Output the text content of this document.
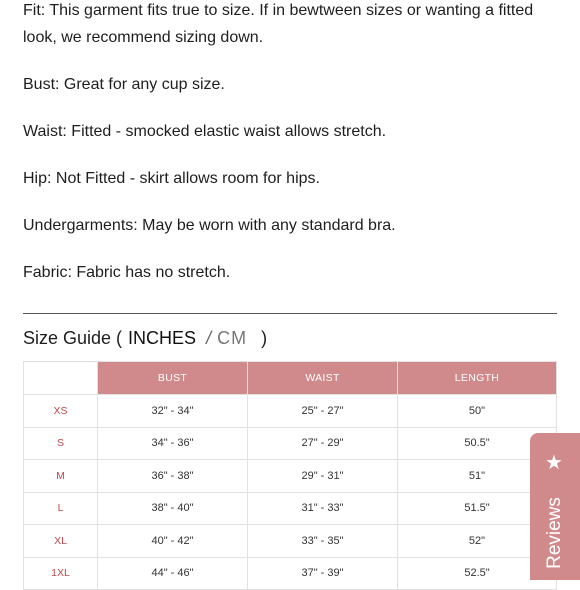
Fit: This garment fits true to size. If in bewtween sizes or wanting a fitted look, we recommend sizing down.

Bust: Great for any cup size.

Waist: Fitted - smocked elastic waist allows stretch.

Hip: Not Fitted - skirt allows room for hips.

Undergarments: May be worn with any standard bra.

Fabric: Fabric has no stretch.

Size Guide ( INCHES / CM )
	BUST	WAIST	LENGTH
XS	32" - 34"	25" - 27"	50"
S	34" - 36"	27" - 29"	50.5"
M	36" - 38"	29" - 31"	51"
L	38" - 40"	31" - 33"	51.5"
XL	40" - 42"	33" - 35"	52"
1XL	44" - 46"	37" - 39"	52.5"
★
Reviews
